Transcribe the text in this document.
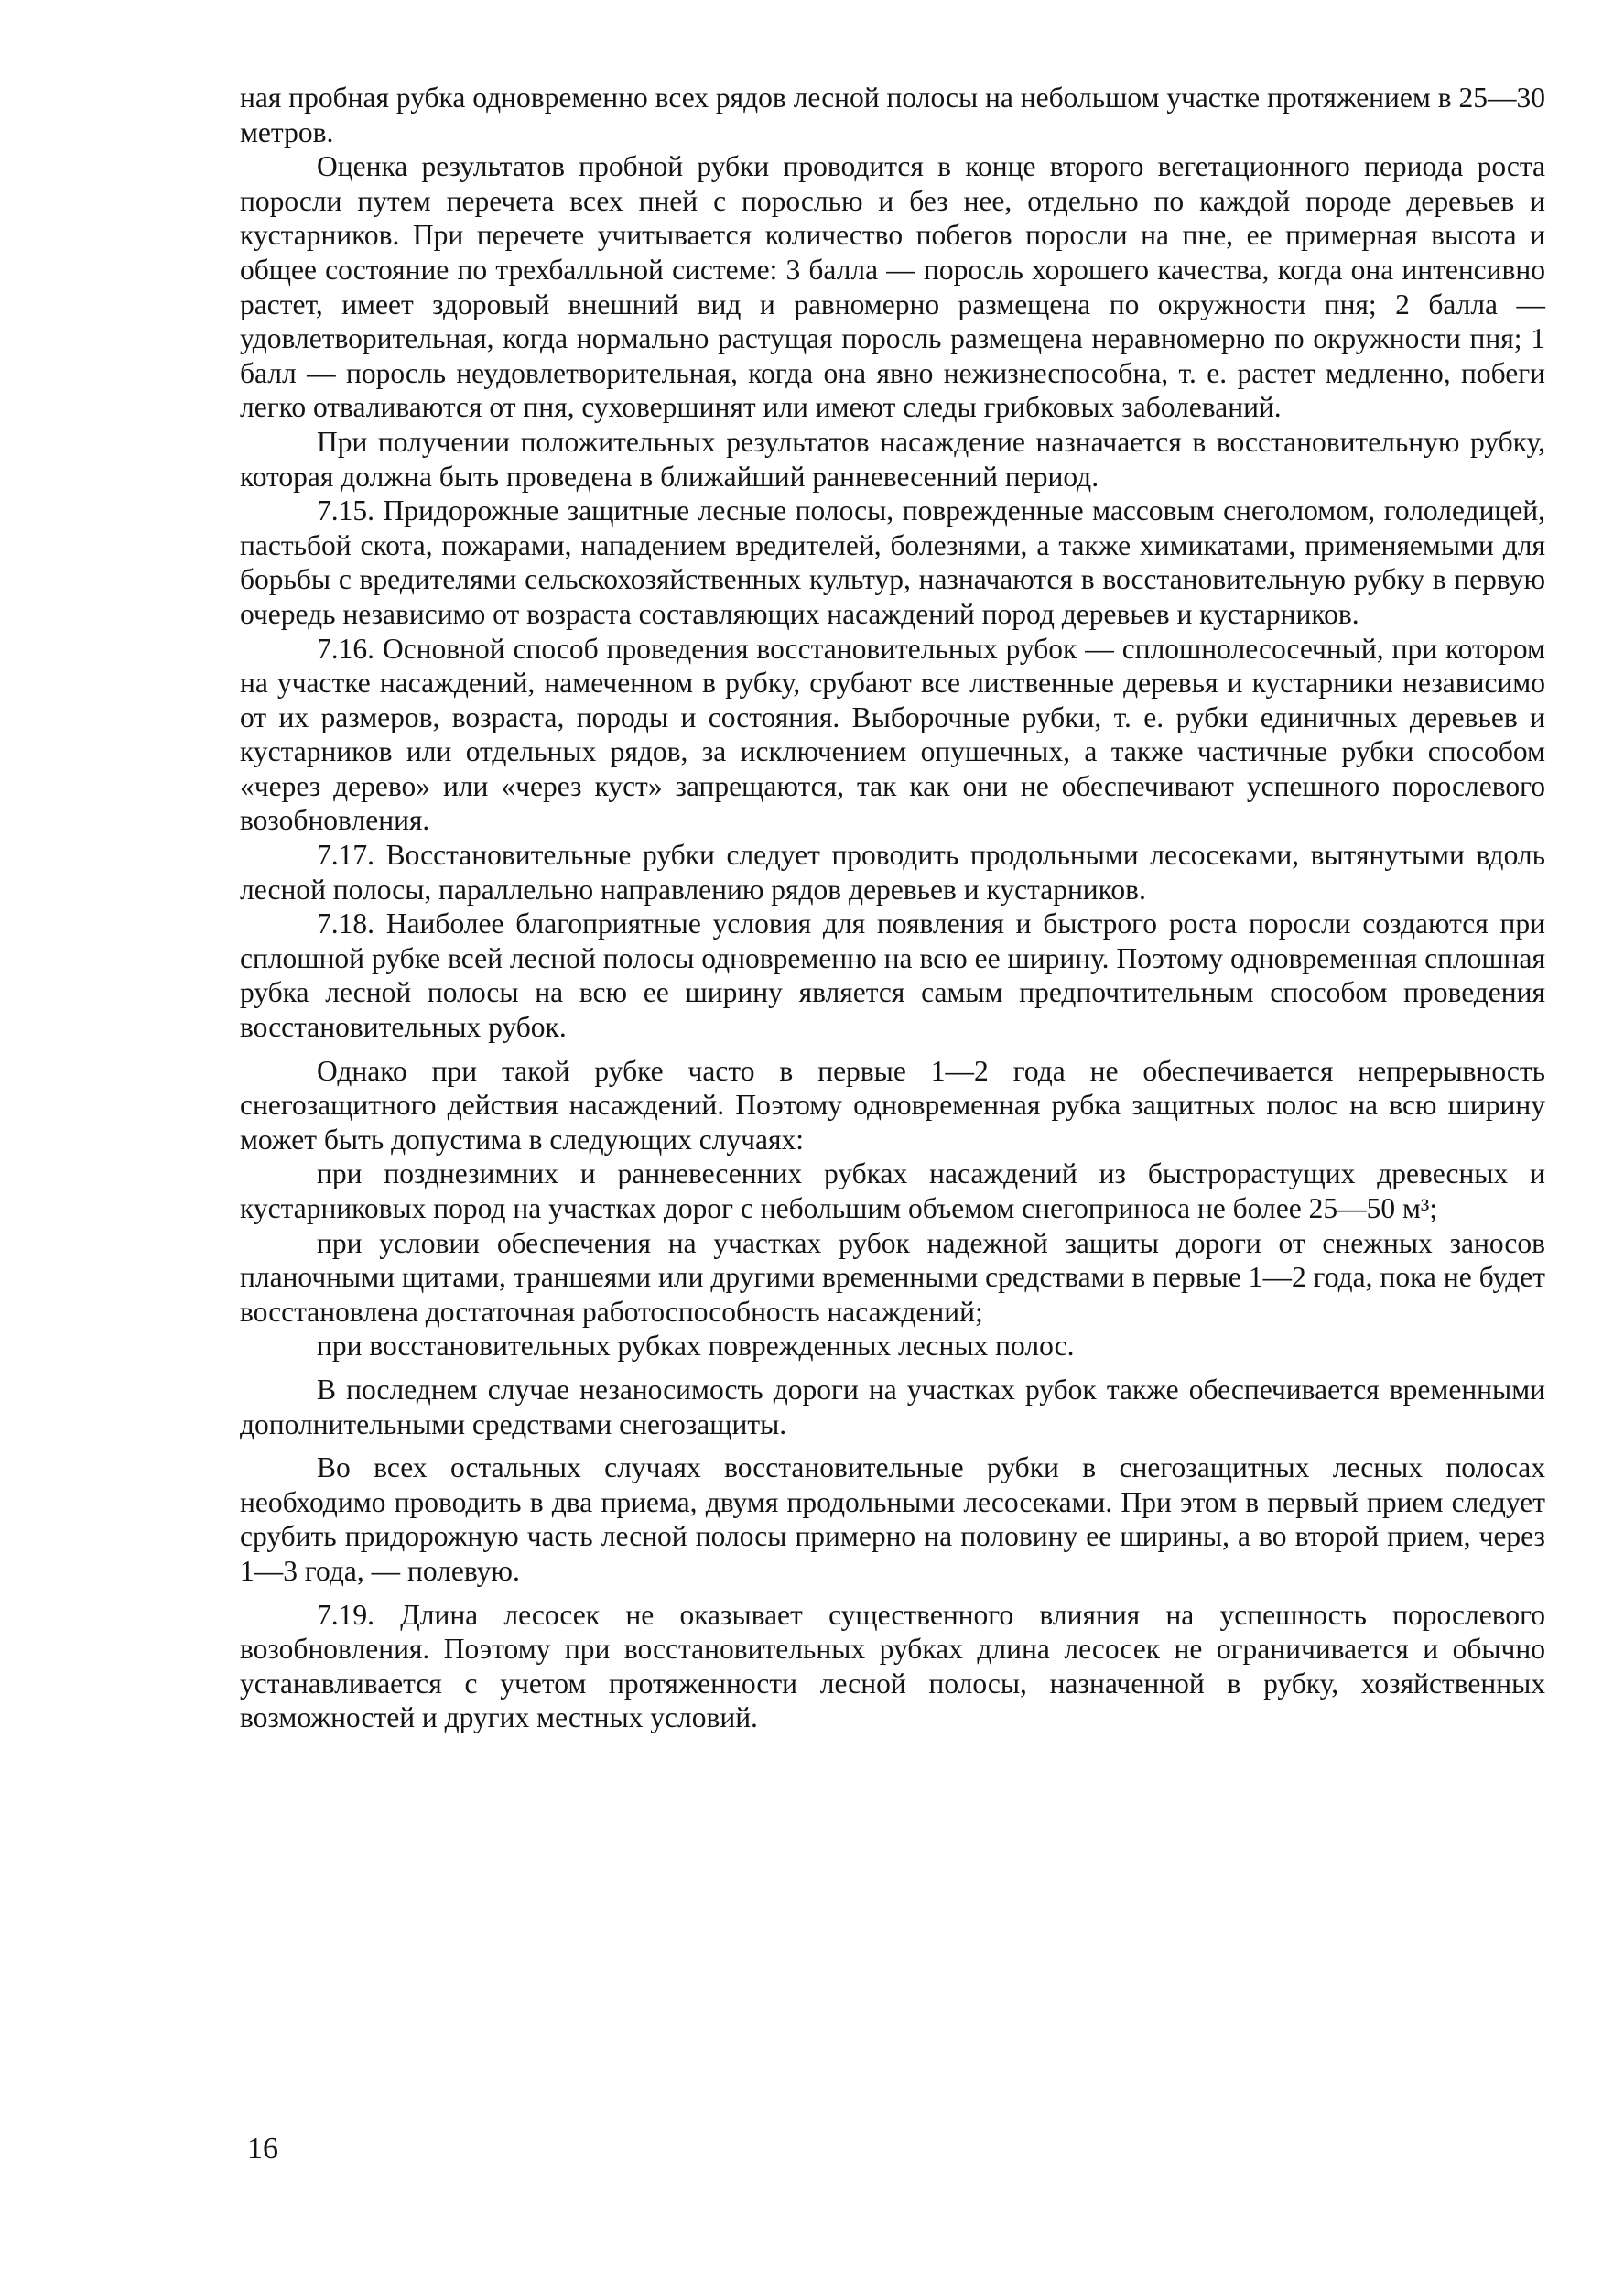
ная пробная рубка одновременно всех рядов лесной полосы на небольшом участке протяжением в 25—30 метров.

Оценка результатов пробной рубки проводится в конце второго вегетационного периода роста поросли путем перечета всех пней с порослью и без нее, отдельно по каждой породе деревьев и кустарников. При перечете учитывается количество побегов поросли на пне, ее примерная высота и общее состояние по трехбалльной системе: 3 балла — поросль хорошего качества, когда она интенсивно растет, имеет здоровый внешний вид и равномерно размещена по окружности пня; 2 балла — удовлетворительная, когда нормально растущая поросль размещена неравномерно по окружности пня; 1 балл — поросль неудовлетворительная, когда она явно нежизнеспособна, т. е. растет медленно, побеги легко отваливаются от пня, суховершинят или имеют следы грибковых заболеваний.

При получении положительных результатов насаждение назначается в восстановительную рубку, которая должна быть проведена в ближайший ранневесенний период.

7.15. Придорожные защитные лесные полосы, поврежденные массовым снеголомом, гололедицей, пастьбой скота, пожарами, нападением вредителей, болезнями, а также химикатами, применяемыми для борьбы с вредителями сельскохозяйственных культур, назначаются в восстановительную рубку в первую очередь независимо от возраста составляющих насаждений пород деревьев и кустарников.

7.16. Основной способ проведения восстановительных рубок — сплошнолесосечный, при котором на участке насаждений, намеченном в рубку, срубают все лиственные деревья и кустарники независимо от их размеров, возраста, породы и состояния. Выборочные рубки, т. е. рубки единичных деревьев и кустарников или отдельных рядов, за исключением опушечных, а также частичные рубки способом «через дерево» или «через куст» запрещаются, так как они не обеспечивают успешного порослевого возобновления.

7.17. Восстановительные рубки следует проводить продольными лесосеками, вытянутыми вдоль лесной полосы, параллельно направлению рядов деревьев и кустарников.

7.18. Наиболее благоприятные условия для появления и быстрого роста поросли создаются при сплошной рубке всей лесной полосы одновременно на всю ее ширину. Поэтому одновременная сплошная рубка лесной полосы на всю ее ширину является самым предпочтительным способом проведения восстановительных рубок.

Однако при такой рубке часто в первые 1—2 года не обеспечивается непрерывность снегозащитного действия насаждений. Поэтому одновременная рубка защитных полос на всю ширину может быть допустима в следующих случаях:

при позднезимних и ранневесенних рубках насаждений из быстрорастущих древесных и кустарниковых пород на участках дорог с небольшим объемом снегоприноса не более 25—50 м³;

при условии обеспечения на участках рубок надежной защиты дороги от снежных заносов планочными щитами, траншеями или другими временными средствами в первые 1—2 года, пока не будет восстановлена достаточная работоспособность насаждений;

при восстановительных рубках поврежденных лесных полос.

В последнем случае незаносимость дороги на участках рубок также обеспечивается временными дополнительными средствами снегозащиты.

Во всех остальных случаях восстановительные рубки в снегозащитных лесных полосах необходимо проводить в два приема, двумя продольными лесосеками. При этом в первый прием следует срубить придорожную часть лесной полосы примерно на половину ее ширины, а во второй прием, через 1—3 года, — полевую.

7.19. Длина лесосек не оказывает существенного влияния на успешность порослевого возобновления. Поэтому при восстановительных рубках длина лесосек не ограничивается и обычно устанавливается с учетом протяженности лесной полосы, назначенной в рубку, хозяйственных возможностей и других местных условий.

16
